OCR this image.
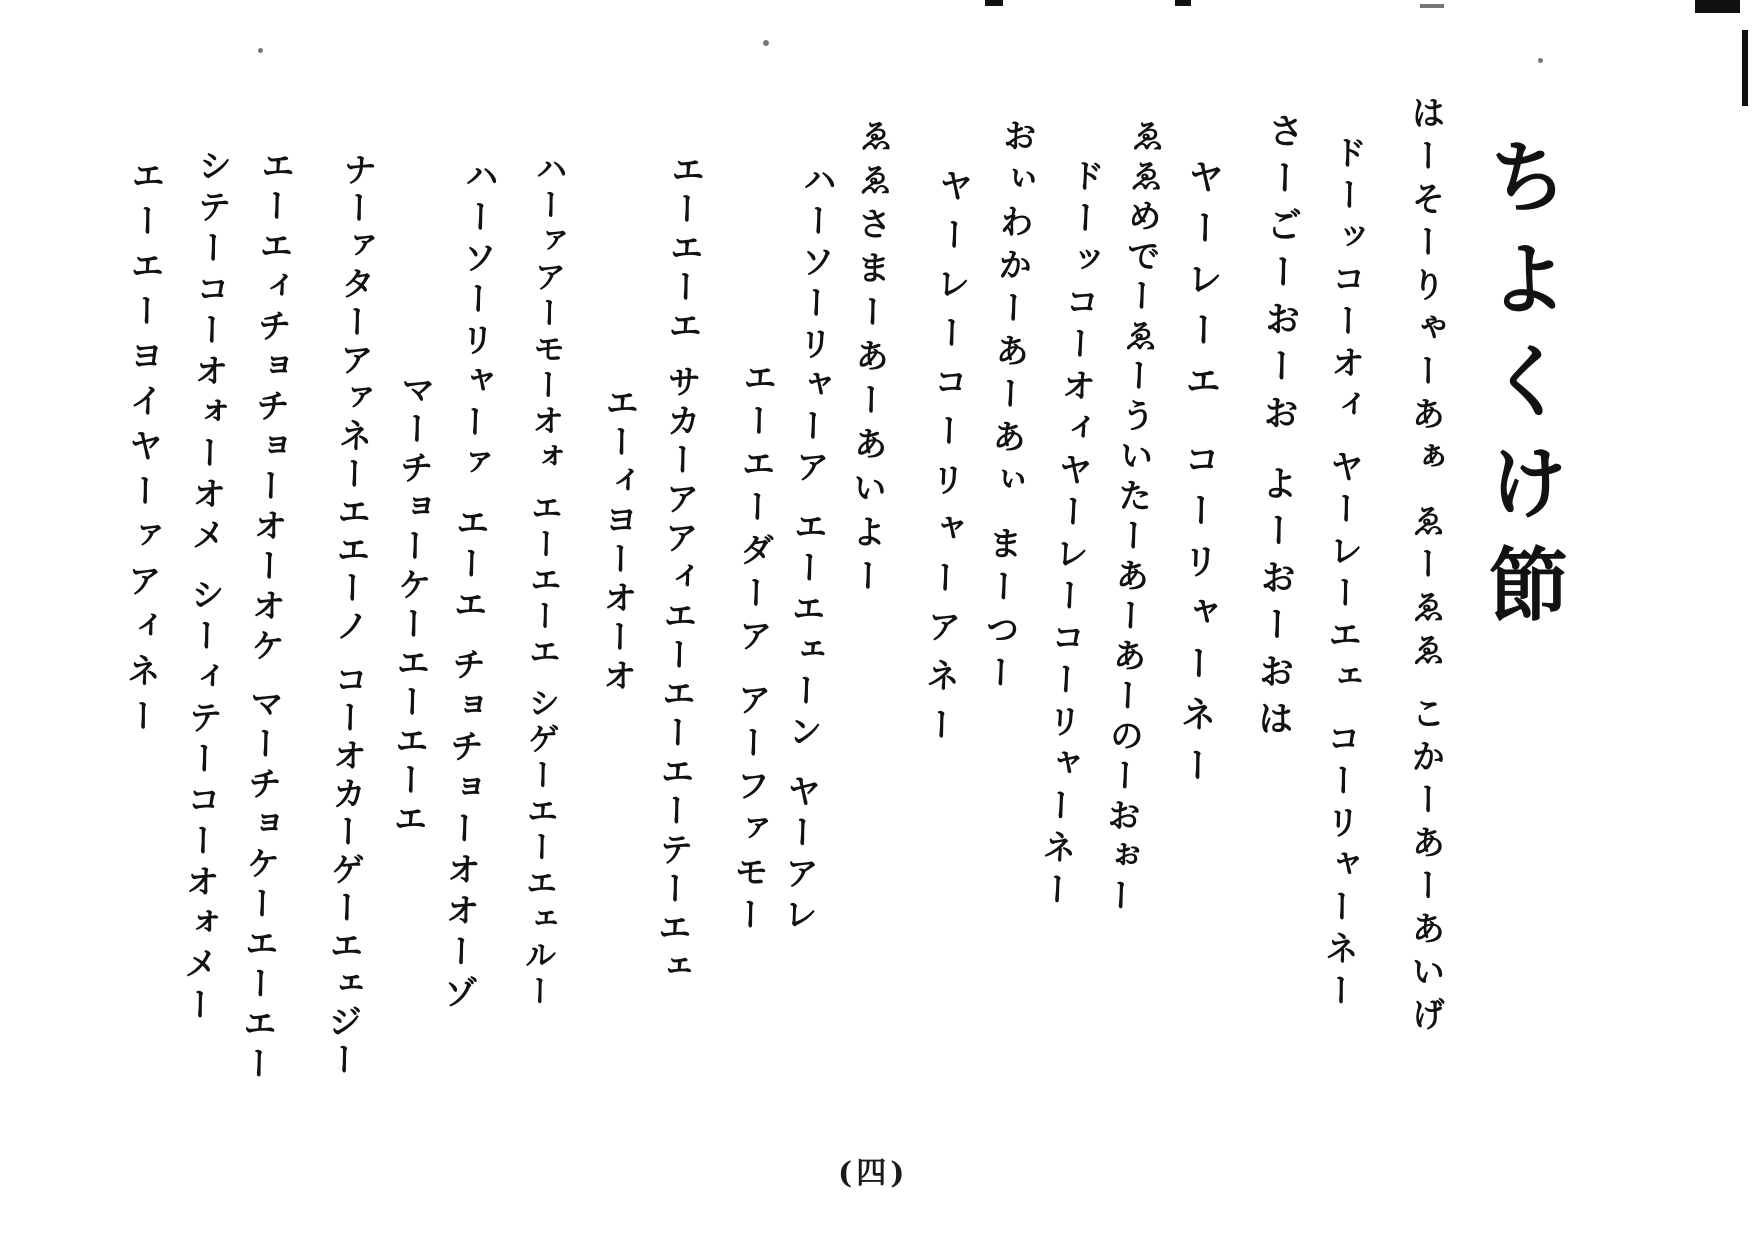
ちよくけ節
はーそーりゃーあぁ ゑーゑゑ こかーあーあいげ
ドーッコーオィ ヤーレーエェ コーリャーネー
さーごーおーお よーおーおは
ヤーレーエ コーリャーネー
ゑゑめでーゑーういたーあーあーのーおぉー
ドーッコーオィヤーレーコーリャーネー
おぃわかーあーあぃ まーつー
ヤーレーコーリャーアネー
ゑゑさまーあーあいよー
ハーソーリャーア エーエェーン ヤーアレ
エーエーダーア アーファモー
エーエーエ サカーアアィエーエーエーテーエェ
エーィヨーオーオ
ハーァアーモーオォ エーエーエ シゲーエーエェルー
ハーソーリャーァ エーエ チョチョーオオーゾ
マーチョーケーエーエーエ
ナーァターアァネーエエーノ コーオカーゲーエェジー
エーエィチョチョーオーオケ マーチョケーエーエー
シテーコーオォーオメ シーィテーコーオォメー
エーエーヨイヤーァアィネー
(四)
